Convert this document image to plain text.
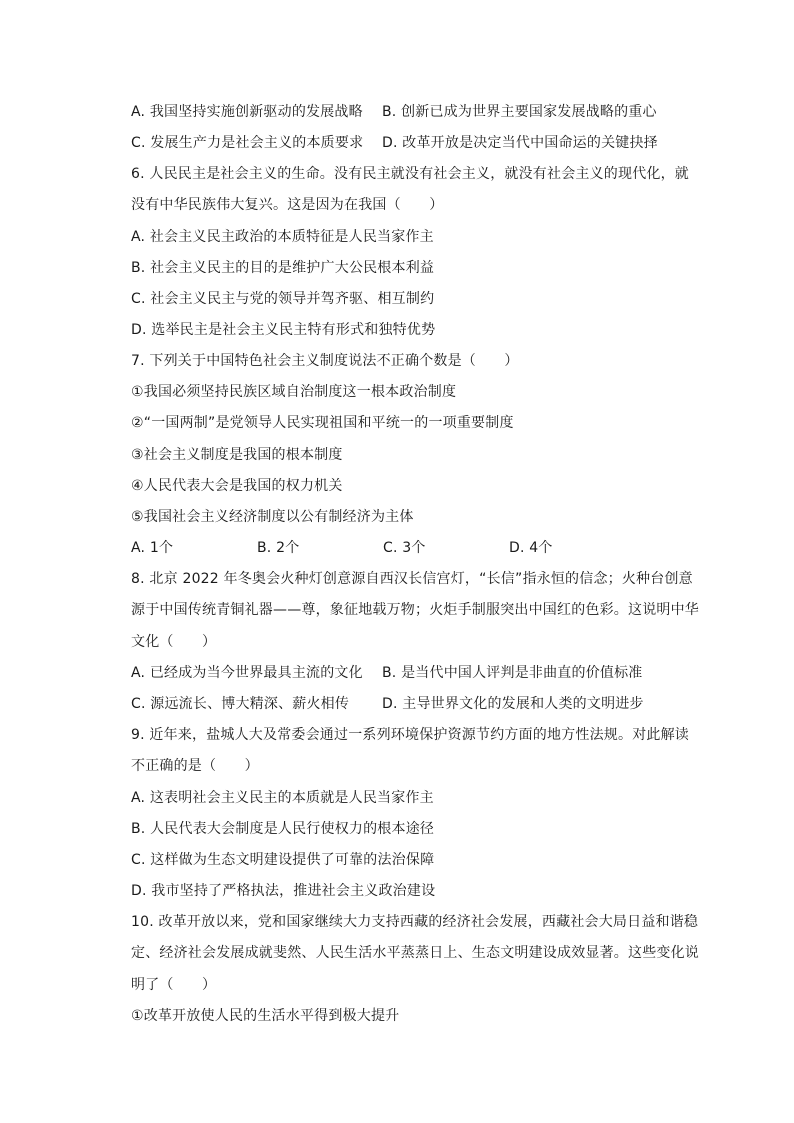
A. 我国坚持实施创新驱动的发展战略 B. 创新已成为世界主要国家发展战略的重心
C. 发展生产力是社会主义的本质要求 D. 改革开放是决定当代中国命运的关键抉择
6. 人民民主是社会主义的生命。没有民主就没有社会主义，就没有社会主义的现代化，就
没有中华民族伟大复兴。这是因为在我国（　　）
A. 社会主义民主政治的本质特征是人民当家作主
B. 社会主义民主的目的是维护广大公民根本利益
C. 社会主义民主与党的领导并驾齐驱、相互制约
D. 选举民主是社会主义民主特有形式和独特优势
7. 下列关于中国特色社会主义制度说法不正确个数是（　　）
①我国必须坚持民族区域自治制度这一根本政治制度
②“一国两制”是党领导人民实现祖国和平统一的一项重要制度
③社会主义制度是我国的根本制度
④人民代表大会是我国的权力机关
⑤我国社会主义经济制度以公有制经济为主体
A. 1个	B. 2个	C. 3个	D. 4个
8. 北京 2022 年冬奥会火种灯创意源自西汉长信宫灯，“长信”指永恒的信念；火种台创意
源于中国传统青铜礼器——尊，象征地载万物；火炬手制服突出中国红的色彩。这说明中华
文化（　　）
A. 已经成为当今世界最具主流的文化 B. 是当代中国人评判是非曲直的价值标准
C. 源远流长、博大精深、薪火相传 D. 主导世界文化的发展和人类的文明进步
9. 近年来，盐城人大及常委会通过一系列环境保护资源节约方面的地方性法规。对此解读
不正确的是（　　）
A. 这表明社会主义民主的本质就是人民当家作主
B. 人民代表大会制度是人民行使权力的根本途径
C. 这样做为生态文明建设提供了可靠的法治保障
D. 我市坚持了严格执法，推进社会主义政治建设
10. 改革开放以来，党和国家继续大力支持西藏的经济社会发展，西藏社会大局日益和谐稳
定、经济社会发展成就斐然、人民生活水平蒸蒸日上、生态文明建设成效显著。这些变化说
明了（　　）
①改革开放使人民的生活水平得到极大提升
